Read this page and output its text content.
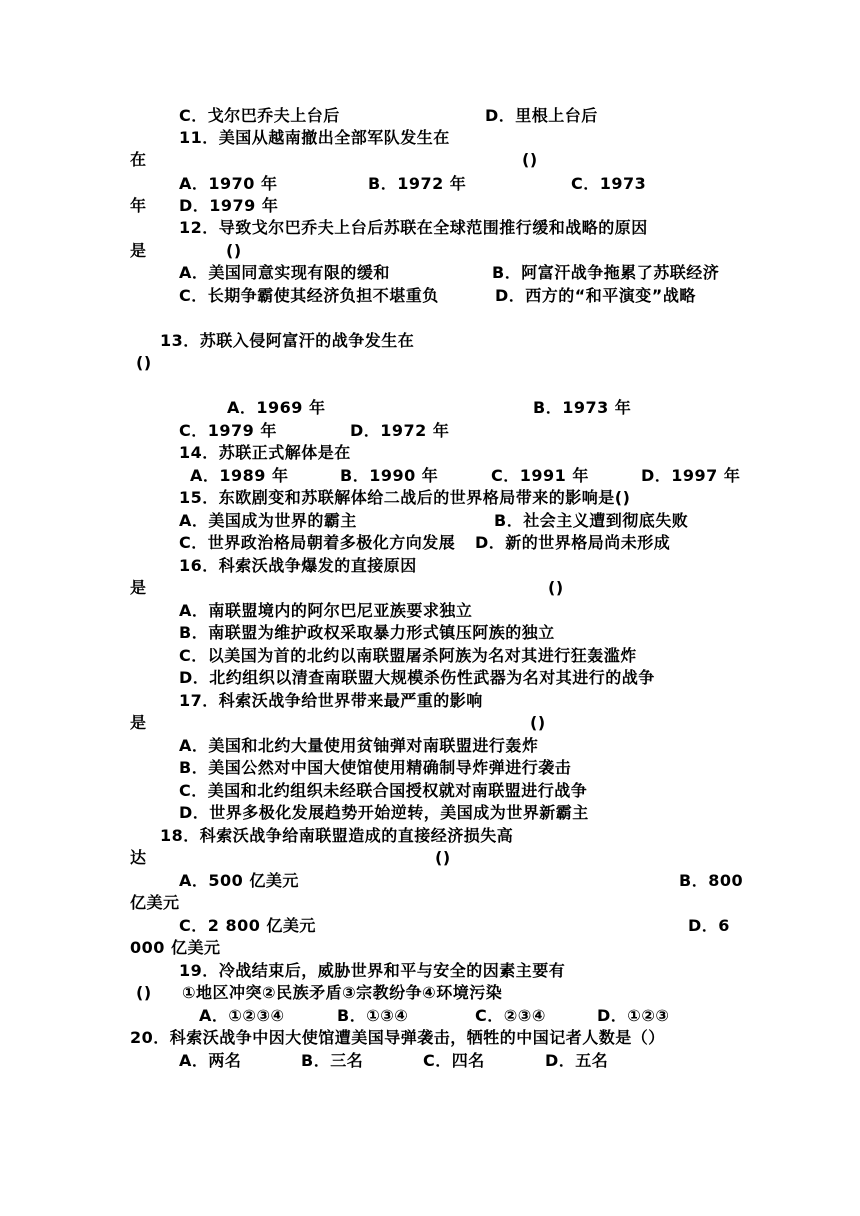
C．戈尔巴乔夫上台后	D．里根上台后
11．美国从越南撤出全部军队发生在
在	()
A．1970 年	B．1972 年	C．1973
年 D．1979 年
12．导致戈尔巴乔夫上台后苏联在全球范围推行缓和战略的原因
是	()
A．美国同意实现有限的缓和	B．阿富汗战争拖累了苏联经济
C．长期争霸使其经济负担不堪重负	D．西方的“和平演变”战略
13．苏联入侵阿富汗的战争发生在
()
A．1969 年	B．1973 年
C．1979 年	D．1972 年
14．苏联正式解体是在
A．1989 年	B．1990 年	C．1991 年	D．1997 年
15．东欧剧变和苏联解体给二战后的世界格局带来的影响是()
A．美国成为世界的霸主	B．社会主义遭到彻底失败
C．世界政治格局朝着多极化方向发展 D．新的世界格局尚未形成
16．科索沃战争爆发的直接原因
是	()
A．南联盟境内的阿尔巴尼亚族要求独立
B．南联盟为维护政权采取暴力形式镇压阿族的独立
C．以美国为首的北约以南联盟屠杀阿族为名对其进行狂轰滥炸
D．北约组织以清查南联盟大规模杀伤性武器为名对其进行的战争
17．科索沃战争给世界带来最严重的影响
是	()
A．美国和北约大量使用贫铀弹对南联盟进行轰炸
B．美国公然对中国大使馆使用精确制导炸弹进行袭击
C．美国和北约组织未经联合国授权就对南联盟进行战争
D．世界多极化发展趋势开始逆转，美国成为世界新霸主
18．科索沃战争给南联盟造成的直接经济损失高
达	()
A．500 亿美元	B．800
亿美元
C．2 800 亿美元	D．6
000 亿美元
19．冷战结束后，威胁世界和平与安全的因素主要有
() ①地区冲突②民族矛盾③宗教纷争④环境污染
A．①②③④	B．①③④	C．②③④	D．①②③
20．科索沃战争中因大使馆遭美国导弹袭击，牺牲的中国记者人数是（）
A．两名	B．三名	C．四名	D．五名
